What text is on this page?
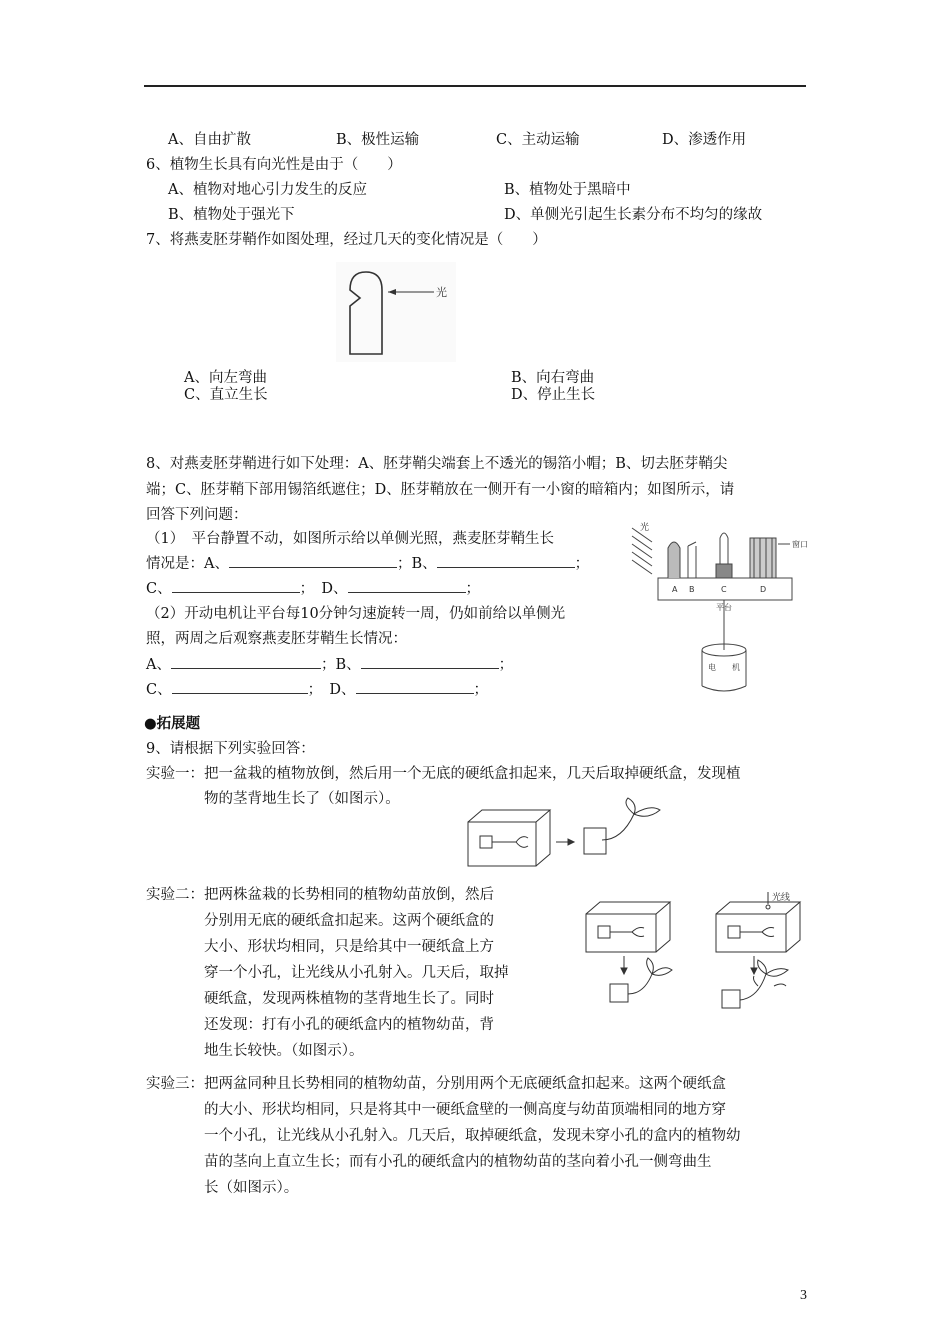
A、自由扩散	B、极性运输	C、主动运输	D、渗透作用
6、植物生长具有向光性是由于（　　）
A、植物对地心引力发生的反应	B、植物处于黑暗中
B、植物处于强光下	D、单侧光引起生长素分布不均匀的缘故
7、将燕麦胚芽鞘作如图处理，经过几天的变化情况是（　　）
光
A、向左弯曲	B、向右弯曲
C、直立生长	D、停止生长
8、对燕麦胚芽鞘进行如下处理：A、胚芽鞘尖端套上不透光的锡箔小帽；B、切去胚芽鞘尖
端；C、胚芽鞘下部用锡箔纸遮住；D、胚芽鞘放在一侧开有一小窗的暗箱内；如图所示，请
回答下列问题：
（1）　平台静置不动，如图所示给以单侧光照，燕麦胚芽鞘生长
情况是：A、	；B、	；
C、	；　D、	；
（2）开动电机让平台每10分钟匀速旋转一周，仍如前给以单侧光
照，两周之后观察燕麦胚芽鞘生长情况：
A、	；B、	；
C、	；　D、	；
光
窗口
A B	C	D
平台
电 机
●拓展题
9、请根据下列实验回答：
实验一：把一盆栽的植物放倒，然后用一个无底的硬纸盒扣起来，几天后取掉硬纸盒，发现植
物的茎背地生长了（如图示）。
实验二：把两株盆栽的长势相同的植物幼苗放倒，然后
分别用无底的硬纸盒扣起来。这两个硬纸盒的
大小、形状均相同，只是给其中一硬纸盒上方
穿一个小孔，让光线从小孔射入。几天后，取掉
硬纸盒，发现两株植物的茎背地生长了。同时
还发现：打有小孔的硬纸盒内的植物幼苗，背
地生长较快。（如图示）。
光线
实验三：把两盆同种且长势相同的植物幼苗，分别用两个无底硬纸盒扣起来。这两个硬纸盒
的大小、形状均相同，只是将其中一硬纸盒壁的一侧高度与幼苗顶端相同的地方穿
一个小孔，让光线从小孔射入。几天后，取掉硬纸盒，发现未穿小孔的盒内的植物幼
苗的茎向上直立生长；而有小孔的硬纸盒内的植物幼苗的茎向着小孔一侧弯曲生
长（如图示）。
3
